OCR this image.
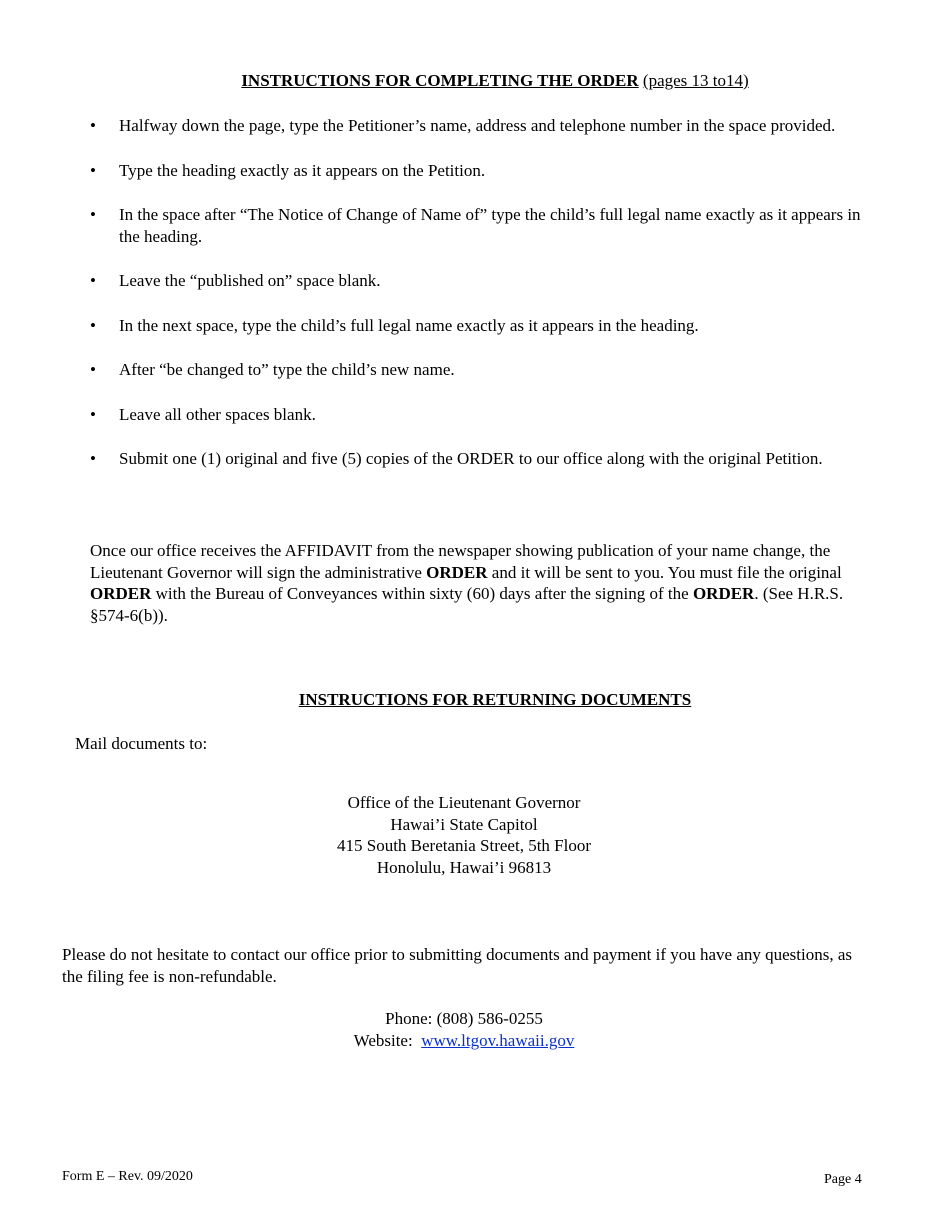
INSTRUCTIONS FOR COMPLETING THE ORDER (pages 13 to14)
• Halfway down the page, type the Petitioner’s name, address and telephone number in the space provided.
• Type the heading exactly as it appears on the Petition.
• In the space after “The Notice of Change of Name of” type the child’s full legal name exactly as it appears in the heading.
• Leave the “published on” space blank.
• In the next space, type the child’s full legal name exactly as it appears in the heading.
• After “be changed to” type the child’s new name.
• Leave all other spaces blank.
• Submit one (1) original and five (5) copies of the ORDER to our office along with the original Petition.

Once our office receives the AFFIDAVIT from the newspaper showing publication of your name change, the Lieutenant Governor will sign the administrative ORDER and it will be sent to you. You must file the original ORDER with the Bureau of Conveyances within sixty (60) days after the signing of the ORDER. (See H.R.S. §574-6(b)).

INSTRUCTIONS FOR RETURNING DOCUMENTS
Mail documents to:
Office of the Lieutenant Governor
Hawai’i State Capitol
415 South Beretania Street, 5th Floor
Honolulu, Hawai’i 96813

Please do not hesitate to contact our office prior to submitting documents and payment if you have any questions, as the filing fee is non-refundable.

Phone: (808) 586-0255
Website: www.ltgov.hawaii.gov
Form E – Rev. 09/2020	Page 4
